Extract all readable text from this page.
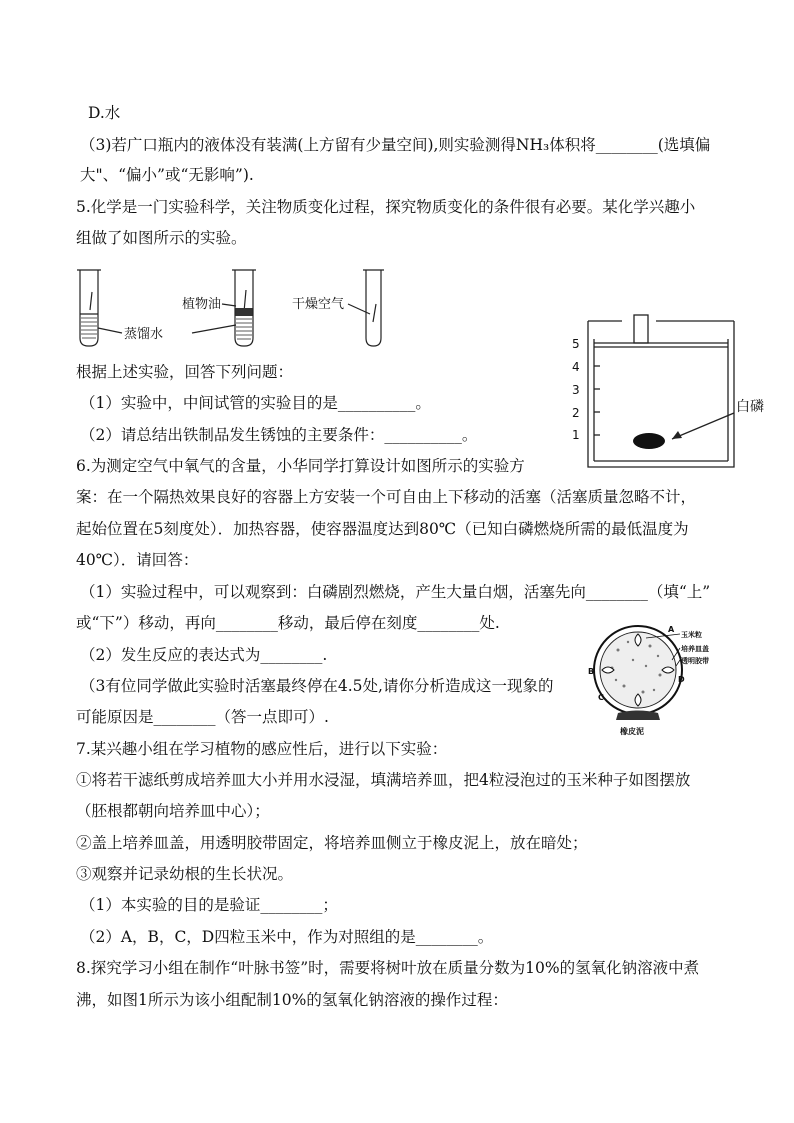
D.水
（3)若广口瓶内的液体没有装满(上方留有少量空间),则实验测得NH₃体积将________(选填偏
大"、“偏小”或“无影响”).
5.化学是一门实验科学，关注物质变化过程，探究物质变化的条件很有必要。某化学兴趣小
组做了如图所示的实验。
根据上述实验，回答下列问题：
（1）实验中，中间试管的实验目的是__________。
（2）请总结出铁制品发生锈蚀的主要条件：__________。
6.为测定空气中氧气的含量，小华同学打算设计如图所示的实验方
案：在一个隔热效果良好的容器上方安装一个可自由上下移动的活塞（活塞质量忽略不计，
起始位置在5刻度处）．加热容器，使容器温度达到80℃（已知白磷燃烧所需的最低温度为
40℃）．请回答：
（1）实验过程中，可以观察到：白磷剧烈燃烧，产生大量白烟，活塞先向________（填“上”
或“下”）移动，再向________移动，最后停在刻度________处.
（2）发生反应的表达式为________.
（3有位同学做此实验时活塞最终停在4.5处,请你分析造成这一现象的
可能原因是________（答一点即可）.
7.某兴趣小组在学习植物的感应性后，进行以下实验：
①将若干滤纸剪成培养皿大小并用水浸湿，填满培养皿，把4粒浸泡过的玉米种子如图摆放
（胚根都朝向培养皿中心）；
②盖上培养皿盖，用透明胶带固定，将培养皿侧立于橡皮泥上，放在暗处；
③观察并记录幼根的生长状况。
（1）本实验的目的是验证________；
（2）A，B，C，D四粒玉米中，作为对照组的是________。
8.探究学习小组在制作“叶脉书签”时，需要将树叶放在质量分数为10%的氢氧化钠溶液中煮
沸，如图1所示为该小组配制10%的氢氧化钠溶液的操作过程：
植物油
蒸馏水
干燥空气
5
4
3
2
1
白磷
玉米粒
培养皿盖
透明胶带
A
B
C
D
橡皮泥
